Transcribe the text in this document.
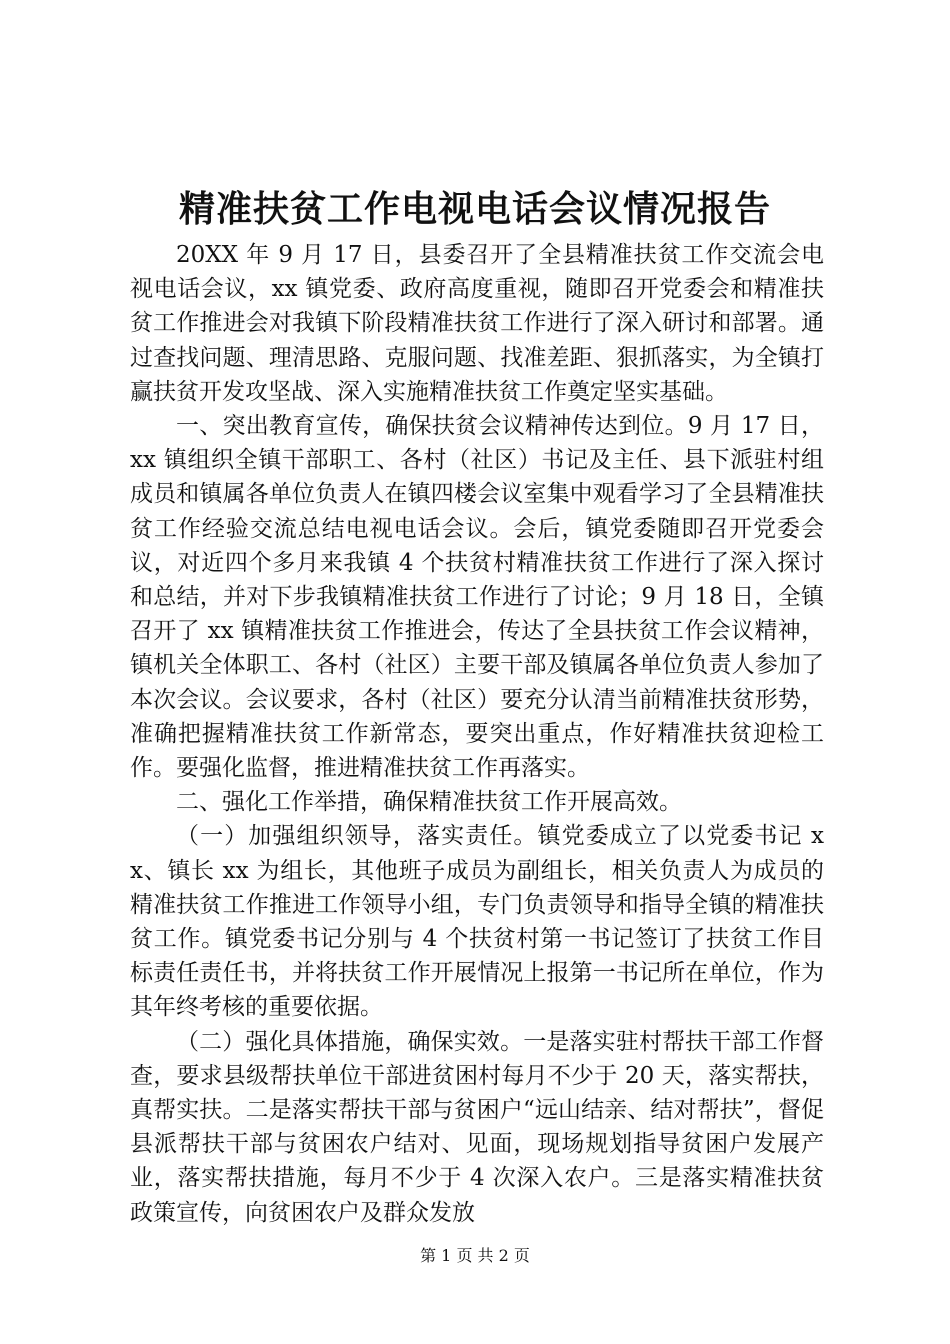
精准扶贫工作电视电话会议情况报告

20XX 年 9 月 17 日，县委召开了全县精准扶贫工作交流会电视电话会议，xx 镇党委、政府高度重视，随即召开党委会和精准扶贫工作推进会对我镇下阶段精准扶贫工作进行了深入研讨和部署。通过查找问题、理清思路、克服问题、找准差距、狠抓落实，为全镇打赢扶贫开发攻坚战、深入实施精准扶贫工作奠定坚实基础。

一、突出教育宣传，确保扶贫会议精神传达到位。9 月 17 日，xx 镇组织全镇干部职工、各村（社区）书记及主任、县下派驻村组成员和镇属各单位负责人在镇四楼会议室集中观看学习了全县精准扶贫工作经验交流总结电视电话会议。会后，镇党委随即召开党委会议，对近四个多月来我镇 4 个扶贫村精准扶贫工作进行了深入探讨和总结，并对下步我镇精准扶贫工作进行了讨论；9 月 18 日，全镇召开了 xx 镇精准扶贫工作推进会，传达了全县扶贫工作会议精神，镇机关全体职工、各村（社区）主要干部及镇属各单位负责人参加了本次会议。会议要求，各村（社区）要充分认清当前精准扶贫形势，准确把握精准扶贫工作新常态，要突出重点，作好精准扶贫迎检工作。要强化监督，推进精准扶贫工作再落实。

二、强化工作举措，确保精准扶贫工作开展高效。

（一）加强组织领导，落实责任。镇党委成立了以党委书记 xx、镇长 xx 为组长，其他班子成员为副组长，相关负责人为成员的精准扶贫工作推进工作领导小组，专门负责领导和指导全镇的精准扶贫工作。镇党委书记分别与 4 个扶贫村第一书记签订了扶贫工作目标责任责任书，并将扶贫工作开展情况上报第一书记所在单位，作为其年终考核的重要依据。

（二）强化具体措施，确保实效。一是落实驻村帮扶干部工作督查，要求县级帮扶单位干部进贫困村每月不少于 20 天，落实帮扶，真帮实扶。二是落实帮扶干部与贫困户“远山结亲、结对帮扶”，督促县派帮扶干部与贫困农户结对、见面，现场规划指导贫困户发展产业，落实帮扶措施，每月不少于 4 次深入农户。三是落实精准扶贫政策宣传，向贫困农户及群众发放

第 1 页 共 2 页
